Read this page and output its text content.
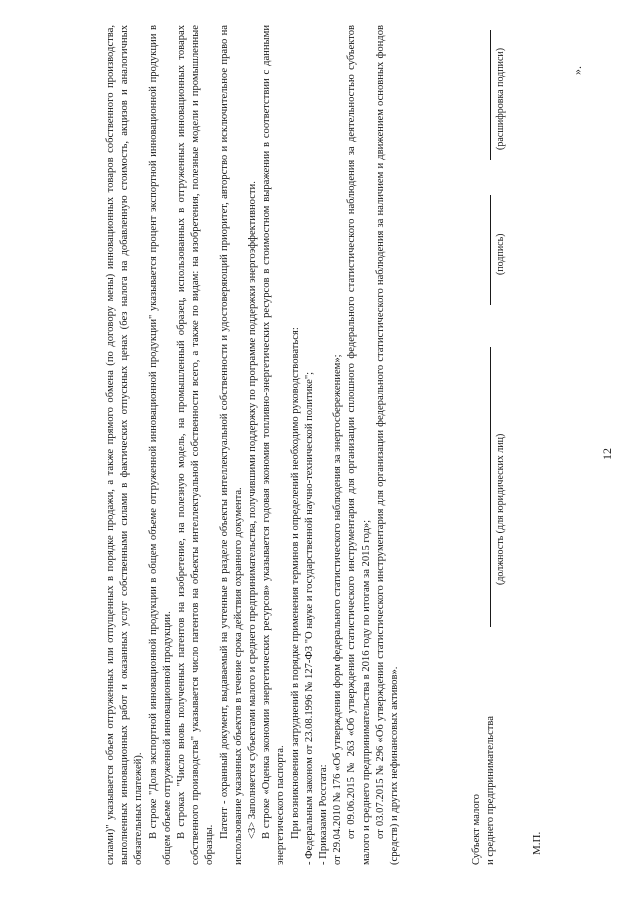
12

силами)" указывается объем отгруженных или отпущенных в порядке продажи, а также прямого обмена (по договору мены) инновационных товаров собственного производства, выполненных инновационных работ и оказанных услуг собственными силами в фактических отпускных ценах (без налога на добавленную стоимость, акцизов и аналогичных обязательных платежей). В строке "Доля экспортной инновационной продукции в общем объеме отгруженной инновационной продукции" указывается процент экспортной инновационной продукции в общем объеме отгруженной инновационной продукции. В строках "Число вновь полученных патентов на изобретение, на полезную модель, на промышленный образец, использованных в отгруженных инновационных товарах собственного производства" указывается число патентов на объекты интеллектуальной собственности всего, а также по видам: на изобретения, полезные модели и промышленные образцы.

Патент - охранный документ, выдаваемый на учтенные в разделе объекты интеллектуальной собственности и удостоверяющий приоритет, авторство и исключительное право на использование указанных объектов в течение срока действия охранного документа. <3> Заполняется субъектами малого и среднего предпринимательства, получившими поддержку по программе поддержки энергоэффективности. В строке «Оценка экономии энергетических ресурсов» указывается годовая экономия топливно-энергетических ресурсов в стоимостном выражении в соответствии с данными энергетического паспорта. При возникновении затруднений в порядке применения терминов и определений необходимо руководствоваться: - Федеральным законом от 23.08.1996 № 127-ФЗ "О науке и государственной научно-технической политике"; - Приказами Росстата: от 29.04.2010 № 176 «Об утверждении форм федерального статистического наблюдения за энергосбережением»; от 09.06.2015 № 263 «Об утверждении статистического инструментария для организации сплошного федерального статистического наблюдения за деятельностью субъектов малого и среднего предпринимательства в 2016 году по итогам за 2015 год»; от 03.07.2015 № 296 «Об утверждении статистического инструментария для организации федерального статистического наблюдения за наличием и движением основных фондов (средств) и других нефинансовых активов».	Субъект малого и среднего предпринимательства
(должность (для юридических лиц)
(подпись)
(расшифровка подписи)
М.П.
».
